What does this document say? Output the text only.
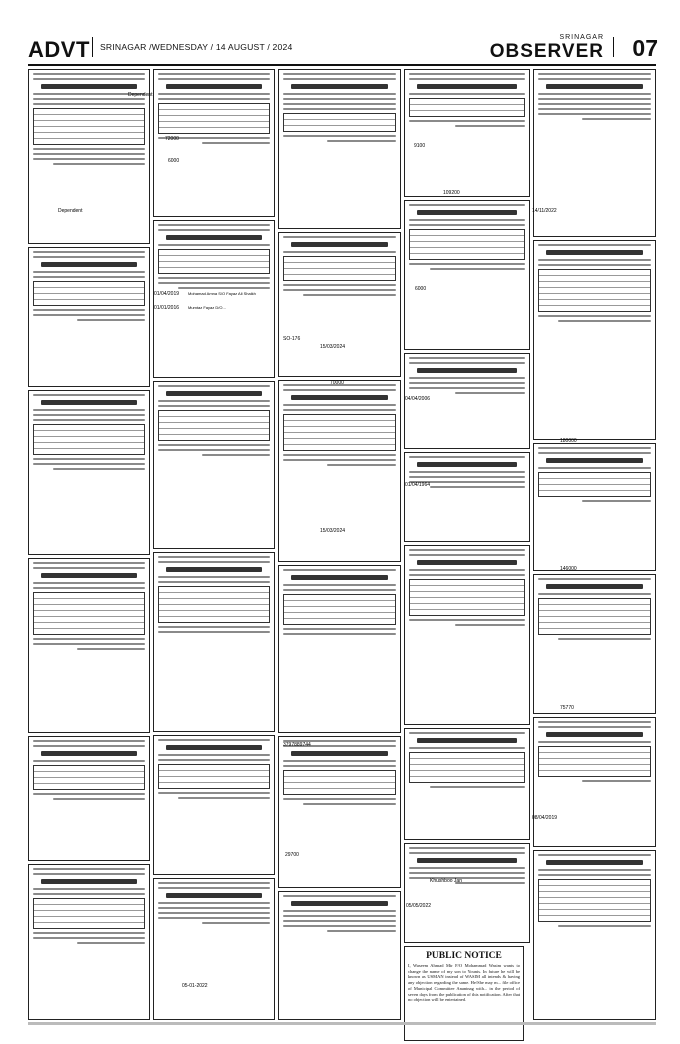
ADVT SRINAGAR /WEDNESDAY / 14 AUGUST / 2024
SRINAGAR
OBSERVER 07
Dependent
Dependent
72000
6000
01/04/2019
01/01/2016
Mohamad Amna S/O Fayaz Ali Shaikh
Mumtaz Fayaz D/O...
SO-176
15/03/2024
70000
15/03/2024
9100
109200
6000
04/04/2006
01/04/1964
14/11/2022
180000
146000
75770
08/04/2019
29700
Khushboo Jan
05/05/2022
05-01-2022
3797889744
PUBLIC NOTICE

I, Waseem Ahmad Mir F/O Mohammad Wasim wants to change the name of my son to Younis. In future he will be known as USMAN instead of WASIM all intends & having any objection regarding the same. He/She may m... file office of Municipal Committee Anantnag with... in the period of seven days from the publication of this notification. After that no objection will be entertained.
